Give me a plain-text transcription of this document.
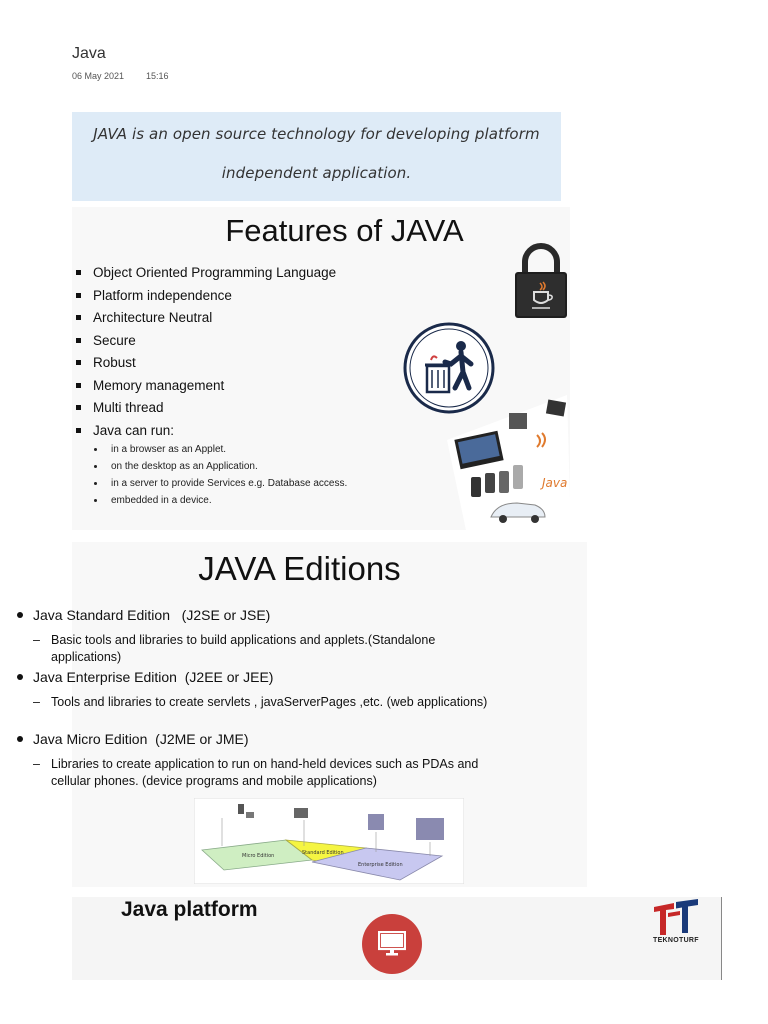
Java
06 May 2021 15:16

JAVA is an open source technology for developing platform

independent application.

Features of JAVA
Object Oriented Programming Language
Platform independence
Architecture Neutral
Secure
Robust
Memory management
Multi thread
Java can run:
in a browser as an Applet.
on the desktop as an Application.
in a server to provide Services e.g. Database access.
embedded in a device.
Java
JAVA Editions
Micro Edition	Standard Edition
Enterprise Edition
Java Standard Edition (J2SE or JSE)
– Basic tools and libraries to build applications and applets.(Standalone applications)
Java Enterprise Edition (J2EE or JEE)
– Tools and libraries to create servlets , javaServerPages ,etc. (web applications)
Java Micro Edition (J2ME or JME)
– Libraries to create application to run on hand-held devices such as PDAs and cellular phones. (device programs and mobile applications)
Java platform
TEKNOTURF
